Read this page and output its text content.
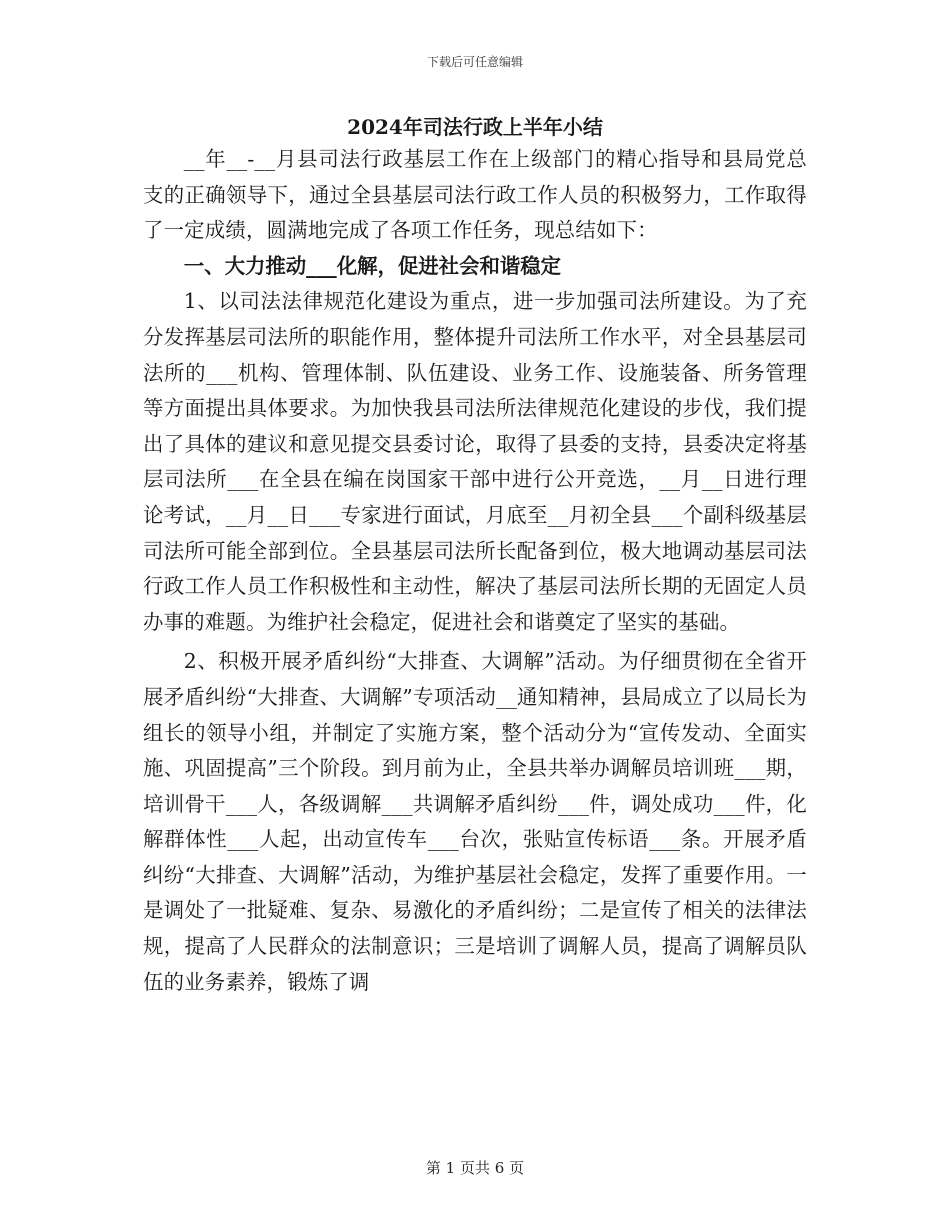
下载后可任意编辑
2024年司法行政上半年小结

__年__-__月县司法行政基层工作在上级部门的精心指导和县局党总支的正确领导下，通过全县基层司法行政工作人员的积极努力，工作取得了一定成绩，圆满地完成了各项工作任务，现总结如下：

一、大力推动___化解，促进社会和谐稳定

1、以司法法律规范化建设为重点，进一步加强司法所建设。为了充分发挥基层司法所的职能作用，整体提升司法所工作水平，对全县基层司法所的___机构、管理体制、队伍建设、业务工作、设施装备、所务管理等方面提出具体要求。为加快我县司法所法律规范化建设的步伐，我们提出了具体的建议和意见提交县委讨论，取得了县委的支持，县委决定将基层司法所___在全县在编在岗国家干部中进行公开竞选，__月__日进行理论考试，__月__日___专家进行面试，月底至__月初全县___个副科级基层司法所可能全部到位。全县基层司法所长配备到位，极大地调动基层司法行政工作人员工作积极性和主动性，解决了基层司法所长期的无固定人员办事的难题。为维护社会稳定，促进社会和谐奠定了坚实的基础。

2、积极开展矛盾纠纷“大排查、大调解”活动。为仔细贯彻在全省开展矛盾纠纷“大排查、大调解”专项活动__通知精神，县局成立了以局长为组长的领导小组，并制定了实施方案，整个活动分为“宣传发动、全面实施、巩固提高”三个阶段。到月前为止，全县共举办调解员培训班___期，培训骨干___人，各级调解___共调解矛盾纠纷___件，调处成功___件，化解群体性___人起，出动宣传车___台次，张贴宣传标语___条。开展矛盾纠纷“大排查、大调解”活动，为维护基层社会稳定，发挥了重要作用。一是调处了一批疑难、复杂、易激化的矛盾纠纷；二是宣传了相关的法律法规，提高了人民群众的法制意识；三是培训了调解人员，提高了调解员队伍的业务素养，锻炼了调

第 1 页共 6 页
